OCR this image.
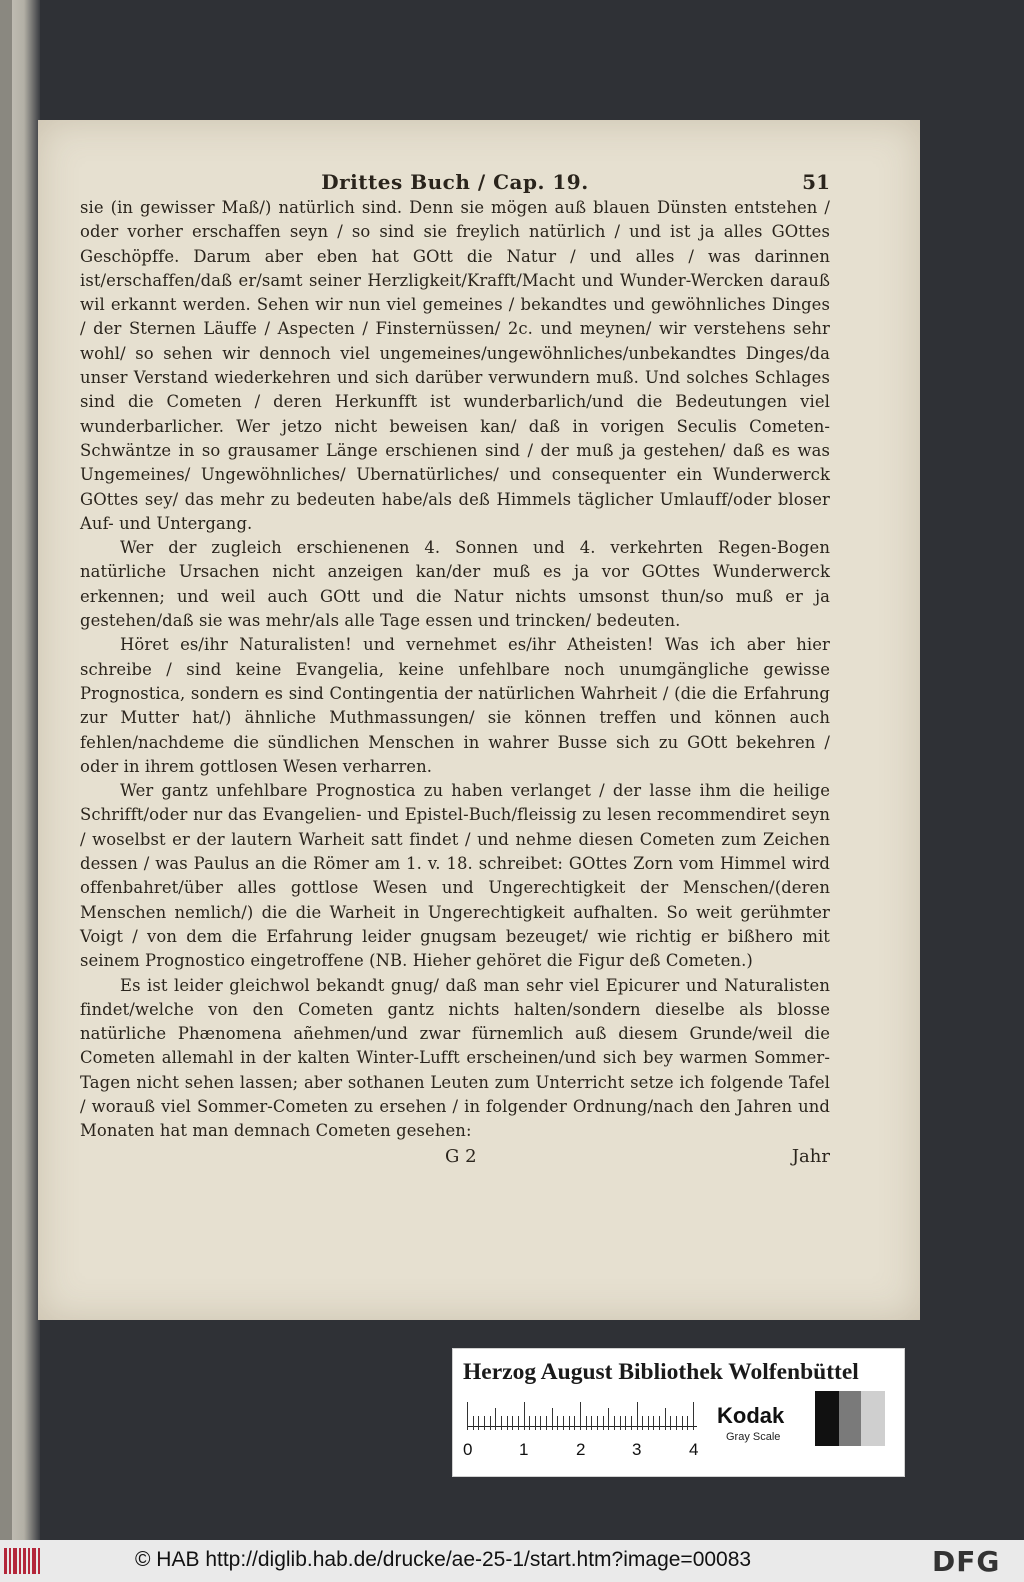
Drittes Buch / Cap. 19.	51

sie (in gewisser Maß/) natürlich sind. Denn sie mögen auß blauen Dünsten entstehen / oder vorher erschaffen seyn / so sind sie freylich natürlich / und ist ja alles GOttes Geschöpffe. Darum aber eben hat GOtt die Natur / und alles / was darinnen ist/erschaffen/daß er/samt seiner Herzligkeit/Krafft/Macht und Wunder-Wercken darauß wil erkannt werden. Sehen wir nun viel gemeines / bekandtes und gewöhnliches Dinges / der Sternen Läuffe / Aspecten / Finsternüssen/ 2c. und meynen/ wir verstehens sehr wohl/ so sehen wir dennoch viel ungemeines/ungewöhnliches/unbekandtes Dinges/da unser Verstand wiederkehren und sich darüber verwundern muß. Und solches Schlages sind die Cometen / deren Herkunfft ist wunderbarlich/und die Bedeutungen viel wunderbarlicher. Wer jetzo nicht beweisen kan/ daß in vorigen Seculis Cometen-Schwäntze in so grausamer Länge erschienen sind / der muß ja gestehen/ daß es was Ungemeines/ Ungewöhnliches/ Ubernatürliches/ und consequenter ein Wunderwerck GOttes sey/ das mehr zu bedeuten habe/als deß Himmels täglicher Umlauff/oder bloser Auf- und Untergang.

Wer der zugleich erschienenen 4. Sonnen und 4. verkehrten Regen-Bogen natürliche Ursachen nicht anzeigen kan/der muß es ja vor GOttes Wunderwerck erkennen; und weil auch GOtt und die Natur nichts umsonst thun/so muß er ja gestehen/daß sie was mehr/als alle Tage essen und trincken/ bedeuten.

Höret es/ihr Naturalisten! und vernehmet es/ihr Atheisten! Was ich aber hier schreibe / sind keine Evangelia, keine unfehlbare noch unumgängliche gewisse Prognostica, sondern es sind Contingentia der natürlichen Wahrheit / (die die Erfahrung zur Mutter hat/) ähnliche Muthmassungen/ sie können treffen und können auch fehlen/nachdeme die sündlichen Menschen in wahrer Busse sich zu GOtt bekehren / oder in ihrem gottlosen Wesen verharren.

Wer gantz unfehlbare Prognostica zu haben verlanget / der lasse ihm die heilige Schrifft/oder nur das Evangelien- und Epistel-Buch/fleissig zu lesen recommendiret seyn / woselbst er der lautern Warheit satt findet / und nehme diesen Cometen zum Zeichen dessen / was Paulus an die Römer am 1. v. 18. schreibet: GOttes Zorn vom Himmel wird offenbahret/über alles gottlose Wesen und Ungerechtigkeit der Menschen/(deren Menschen nemlich/) die die Warheit in Ungerechtigkeit aufhalten. So weit gerühmter Voigt / von dem die Erfahrung leider gnugsam bezeuget/ wie richtig er bißhero mit seinem Prognostico eingetroffene (NB. Hieher gehöret die Figur deß Cometen.)

Es ist leider gleichwol bekandt gnug/ daß man sehr viel Epicurer und Naturalisten findet/welche von den Cometen gantz nichts halten/sondern dieselbe als blosse natürliche Phænomena añehmen/und zwar fürnemlich auß diesem Grunde/weil die Cometen allemahl in der kalten Winter-Lufft erscheinen/und sich bey warmen Sommer-Tagen nicht sehen lassen; aber sothanen Leuten zum Unterricht setze ich folgende Tafel / worauß viel Sommer-Cometen zu ersehen / in folgender Ordnung/nach den Jahren und Monaten hat man demnach Cometen gesehen:

G 2	Jahr
Herzog August Bibliothek Wolfenbüttel
0	1	2	3	4
Kodak
Gray Scale
© HAB http://diglib.hab.de/drucke/ae-25-1/start.htm?image=00083	DFG
